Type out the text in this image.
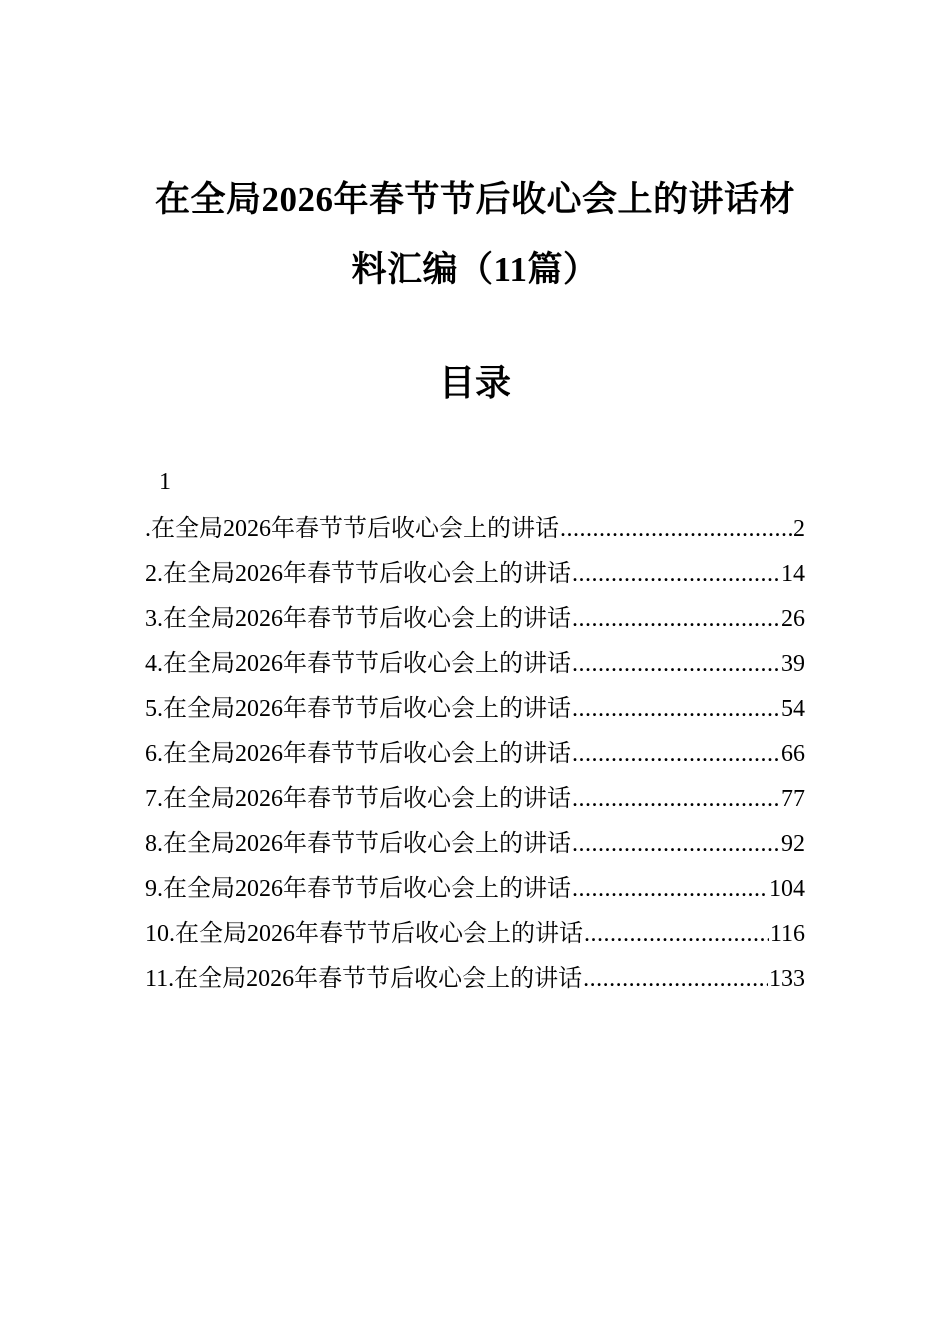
在全局2026年春节节后收心会上的讲话材
料汇编（11篇）
目录
1
.在全局2026年春节节后收心会上的讲话 .....	2
2.在全局2026年春节节后收心会上的讲话 .....	14
3.在全局2026年春节节后收心会上的讲话 .....	26
4.在全局2026年春节节后收心会上的讲话 .....	39
5.在全局2026年春节节后收心会上的讲话 .....	54
6.在全局2026年春节节后收心会上的讲话 .....	66
7.在全局2026年春节节后收心会上的讲话 .....	77
8.在全局2026年春节节后收心会上的讲话 .....	92
9.在全局2026年春节节后收心会上的讲话 .....	104
10.在全局2026年春节节后收心会上的讲话 .....	116
11.在全局2026年春节节后收心会上的讲话 .....	133
